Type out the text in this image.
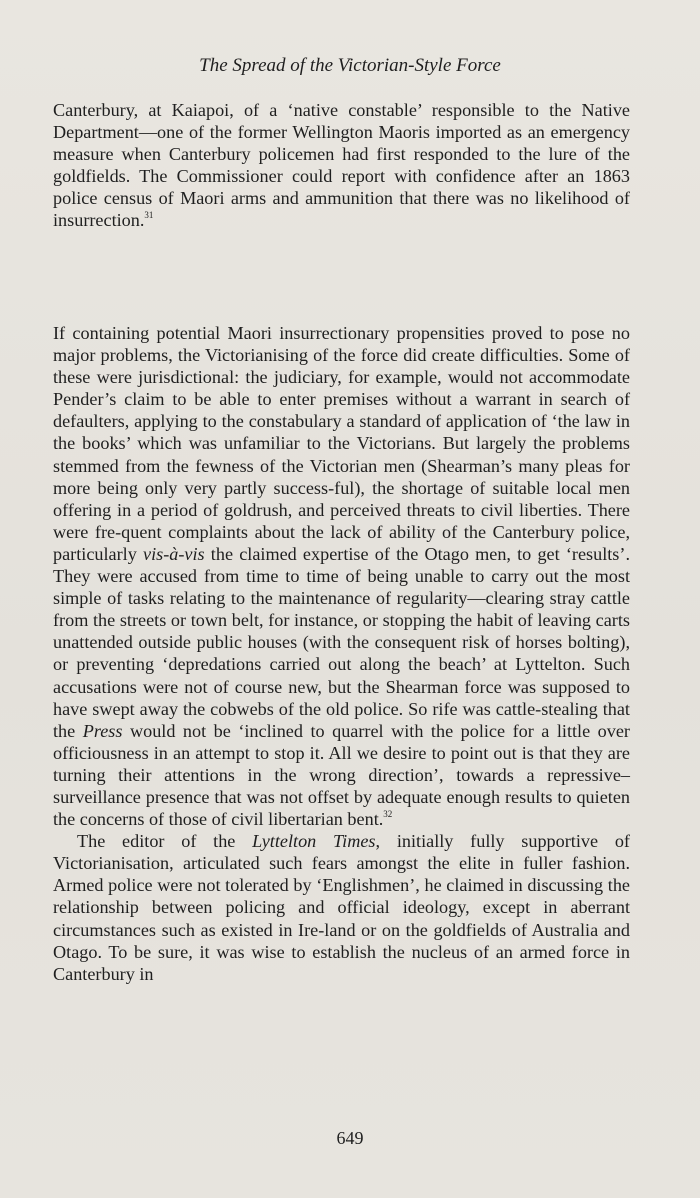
The Spread of the Victorian-Style Force

Canterbury, at Kaiapoi, of a ‘native constable’ responsible to the Native Department—one of the former Wellington Maoris imported as an emergency measure when Canterbury policemen had first responded to the lure of the goldfields. The Commissioner could report with confidence after an 1863 police census of Maori arms and ammunition that there was no likelihood of insurrection.$^{31}$

If containing potential Maori insurrectionary propensities proved to pose no major problems, the Victorianising of the force did create difficulties. Some of these were jurisdictional: the judiciary, for example, would not accommodate Pender’s claim to be able to enter premises without a warrant in search of defaulters, applying to the constabulary a standard of application of ‘the law in the books’ which was unfamiliar to the Victorians. But largely the problems stemmed from the fewness of the Victorian men (Shearman’s many pleas for more being only very partly success-ful), the shortage of suitable local men offering in a period of goldrush, and perceived threats to civil liberties. There were fre-quent complaints about the lack of ability of the Canterbury police, particularly vis-à-vis the claimed expertise of the Otago men, to get ‘results’. They were accused from time to time of being unable to carry out the most simple of tasks relating to the maintenance of regularity—clearing stray cattle from the streets or town belt, for instance, or stopping the habit of leaving carts unattended outside public houses (with the consequent risk of horses bolting), or preventing ‘depredations carried out along the beach’ at Lyttelton. Such accusations were not of course new, but the Shearman force was supposed to have swept away the cobwebs of the old police. So rife was cattle-stealing that the Press would not be ‘inclined to quarrel with the police for a little over officiousness in an attempt to stop it. All we desire to point out is that they are turning their attentions in the wrong direction’, towards a repressive–surveillance presence that was not offset by adequate enough results to quieten the concerns of those of civil libertarian bent.$^{32}$

The editor of the Lyttelton Times, initially fully supportive of Victorianisation, articulated such fears amongst the elite in fuller fashion. Armed police were not tolerated by ‘Englishmen’, he claimed in discussing the relationship between policing and official ideology, except in aberrant circumstances such as existed in Ire-land or on the goldfields of Australia and Otago. To be sure, it was wise to establish the nucleus of an armed force in Canterbury in

649
